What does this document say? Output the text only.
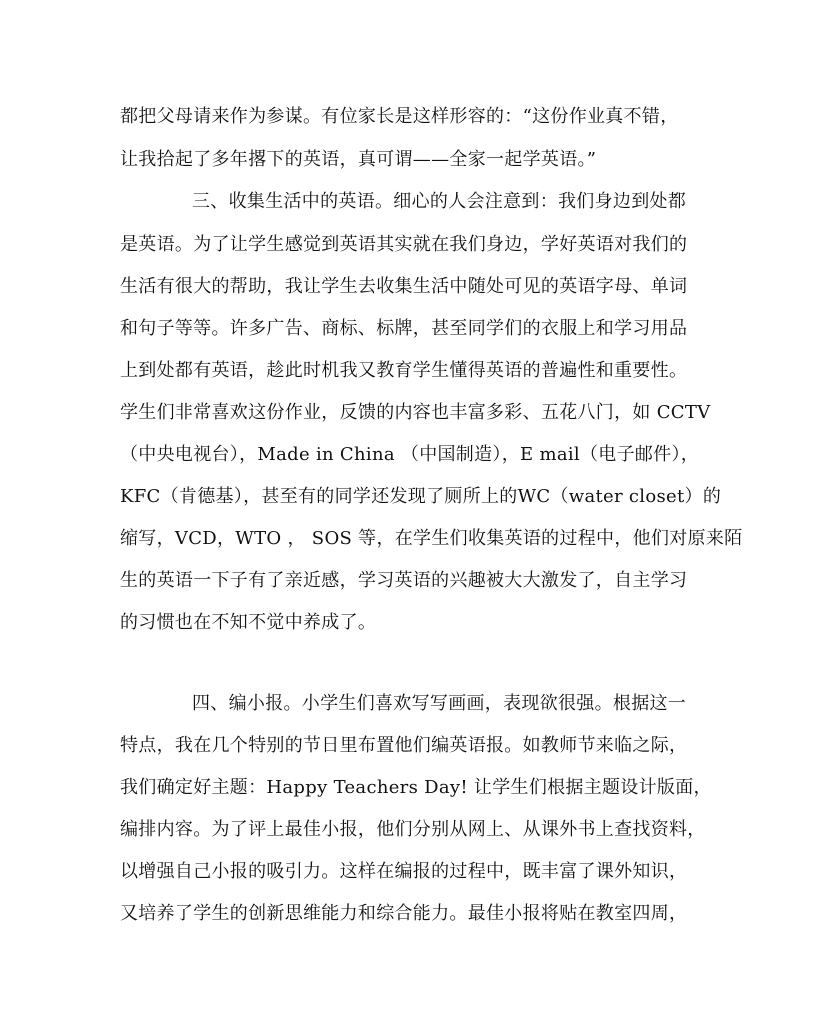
都把父母请来作为参谋。有位家长是这样形容的：“这份作业真不错，
让我拾起了多年撂下的英语，真可谓——全家一起学英语。”
三、收集生活中的英语。细心的人会注意到：我们身边到处都
是英语。为了让学生感觉到英语其实就在我们身边，学好英语对我们的
生活有很大的帮助，我让学生去收集生活中随处可见的英语字母、单词
和句子等等。许多广告、商标、标牌，甚至同学们的衣服上和学习用品
上到处都有英语，趁此时机我又教育学生懂得英语的普遍性和重要性。
学生们非常喜欢这份作业，反馈的内容也丰富多彩、五花八门，如 CCTV
（中央电视台），Made in China （中国制造），E mail（电子邮件），
KFC（肯德基），甚至有的同学还发现了厕所上的WC（water closet）的
缩写，VCD，WTO ， SOS 等，在学生们收集英语的过程中，他们对原来陌
生的英语一下子有了亲近感，学习英语的兴趣被大大激发了，自主学习
的习惯也在不知不觉中养成了。
四、编小报。小学生们喜欢写写画画，表现欲很强。根据这一
特点，我在几个特别的节日里布置他们编英语报。如教师节来临之际，
我们确定好主题：Happy Teachers Day! 让学生们根据主题设计版面，
编排内容。为了评上最佳小报，他们分别从网上、从课外书上查找资料，
以增强自己小报的吸引力。这样在编报的过程中，既丰富了课外知识，
又培养了学生的创新思维能力和综合能力。最佳小报将贴在教室四周，
